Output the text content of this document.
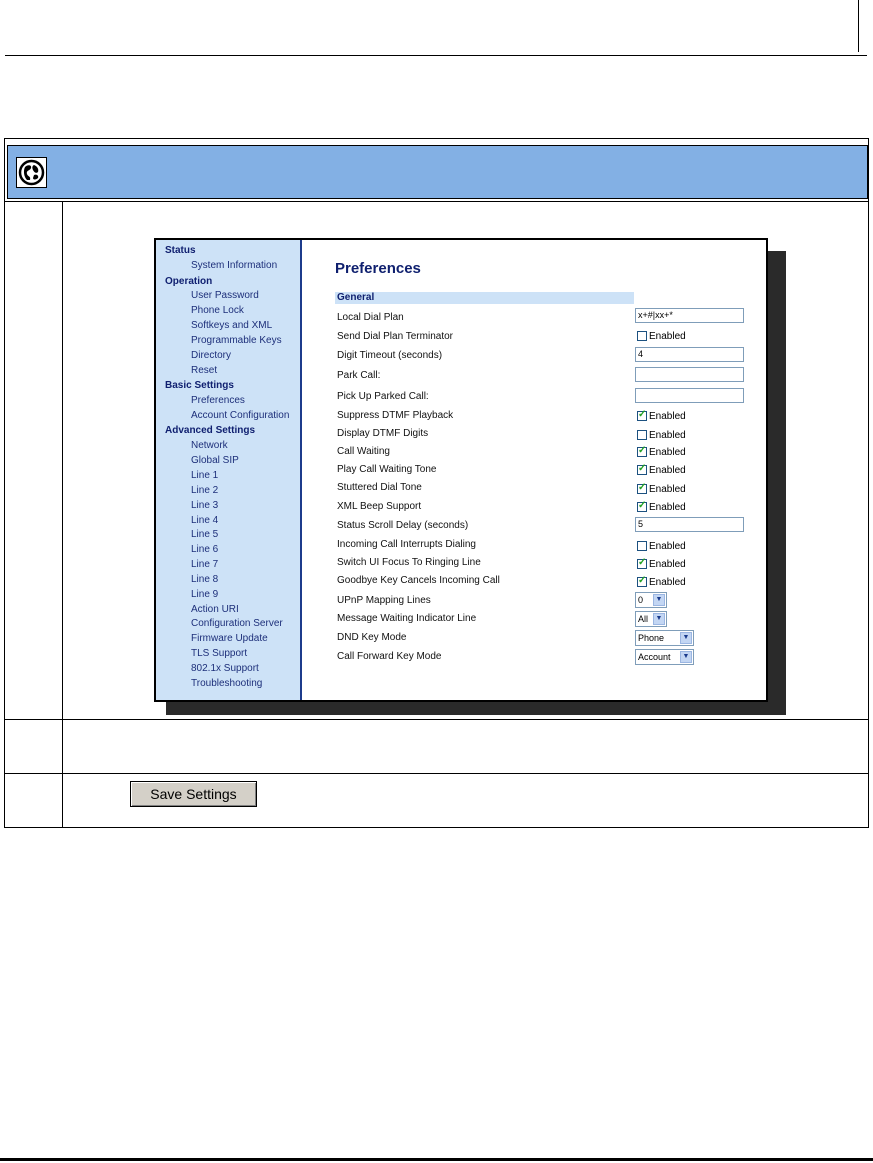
Status
System Information
Operation
User Password
Phone Lock
Softkeys and XML
Programmable Keys
Directory
Reset
Basic Settings
Preferences
Account Configuration
Advanced Settings
Network
Global SIP
Line 1
Line 2
Line 3
Line 4
Line 5
Line 6
Line 7
Line 8
Line 9
Action URI
Configuration Server
Firmware Update
TLS Support
802.1x Support
Troubleshooting
Preferences
General
Local Dial Plan	x+#|xx+*
Send Dial Plan Terminator	Enabled
Digit Timeout (seconds)	4
Park Call:
Pick Up Parked Call:
Suppress DTMF Playback	✓ Enabled
Display DTMF Digits	Enabled
Call Waiting	✓ Enabled
Play Call Waiting Tone	✓ Enabled
Stuttered Dial Tone	✓ Enabled
XML Beep Support	✓ Enabled
Status Scroll Delay (seconds)	5
Incoming Call Interrupts Dialing	Enabled
Switch UI Focus To Ringing Line	✓ Enabled
Goodbye Key Cancels Incoming Call	✓ Enabled
UPnP Mapping Lines	0	▼
Message Waiting Indicator Line	All	▼
DND Key Mode	Phone	▼
Call Forward Key Mode	Account	▼
Save Settings
